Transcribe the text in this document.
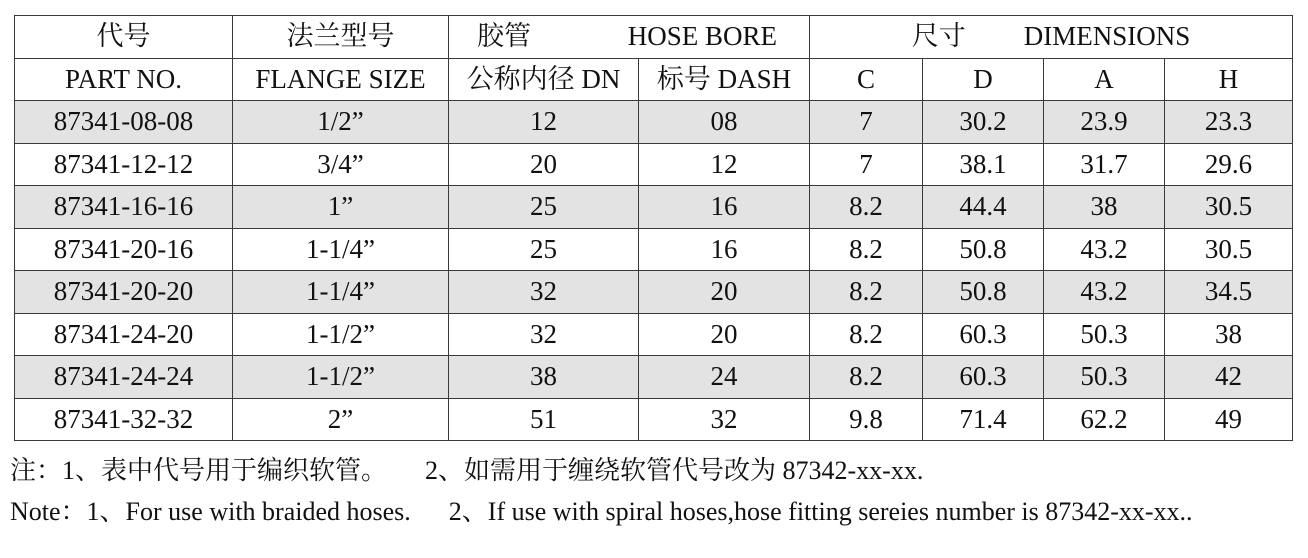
代号	法兰型号	胶管 HOSE BORE		尺寸 DIMENSIONS			

PART NO.	FLANGE SIZE	公称内径 DN	标号 DASH	C	D	A	H
87341-08-08	1/2”	12	08	7	30.2	23.9	23.3
87341-12-12	3/4”	20	12	7	38.1	31.7	29.6
87341-16-16	1”	25	16	8.2	44.4	38	30.5
87341-20-16	1-1/4”	25	16	8.2	50.8	43.2	30.5
87341-20-20	1-1/4”	32	20	8.2	50.8	43.2	34.5
87341-24-20	1-1/2”	32	20	8.2	60.3	50.3	38
87341-24-24	1-1/2”	38	24	8.2	60.3	50.3	42
87341-32-32	2”	51	32	9.8	71.4	62.2	49
注：1、表中代号用于编织软管。 2、如需用于缠绕软管代号改为 87342-xx-xx.
Note：1、For use with braided hoses. 2、If use with spiral hoses,hose fitting sereies number is 87342-xx-xx..
